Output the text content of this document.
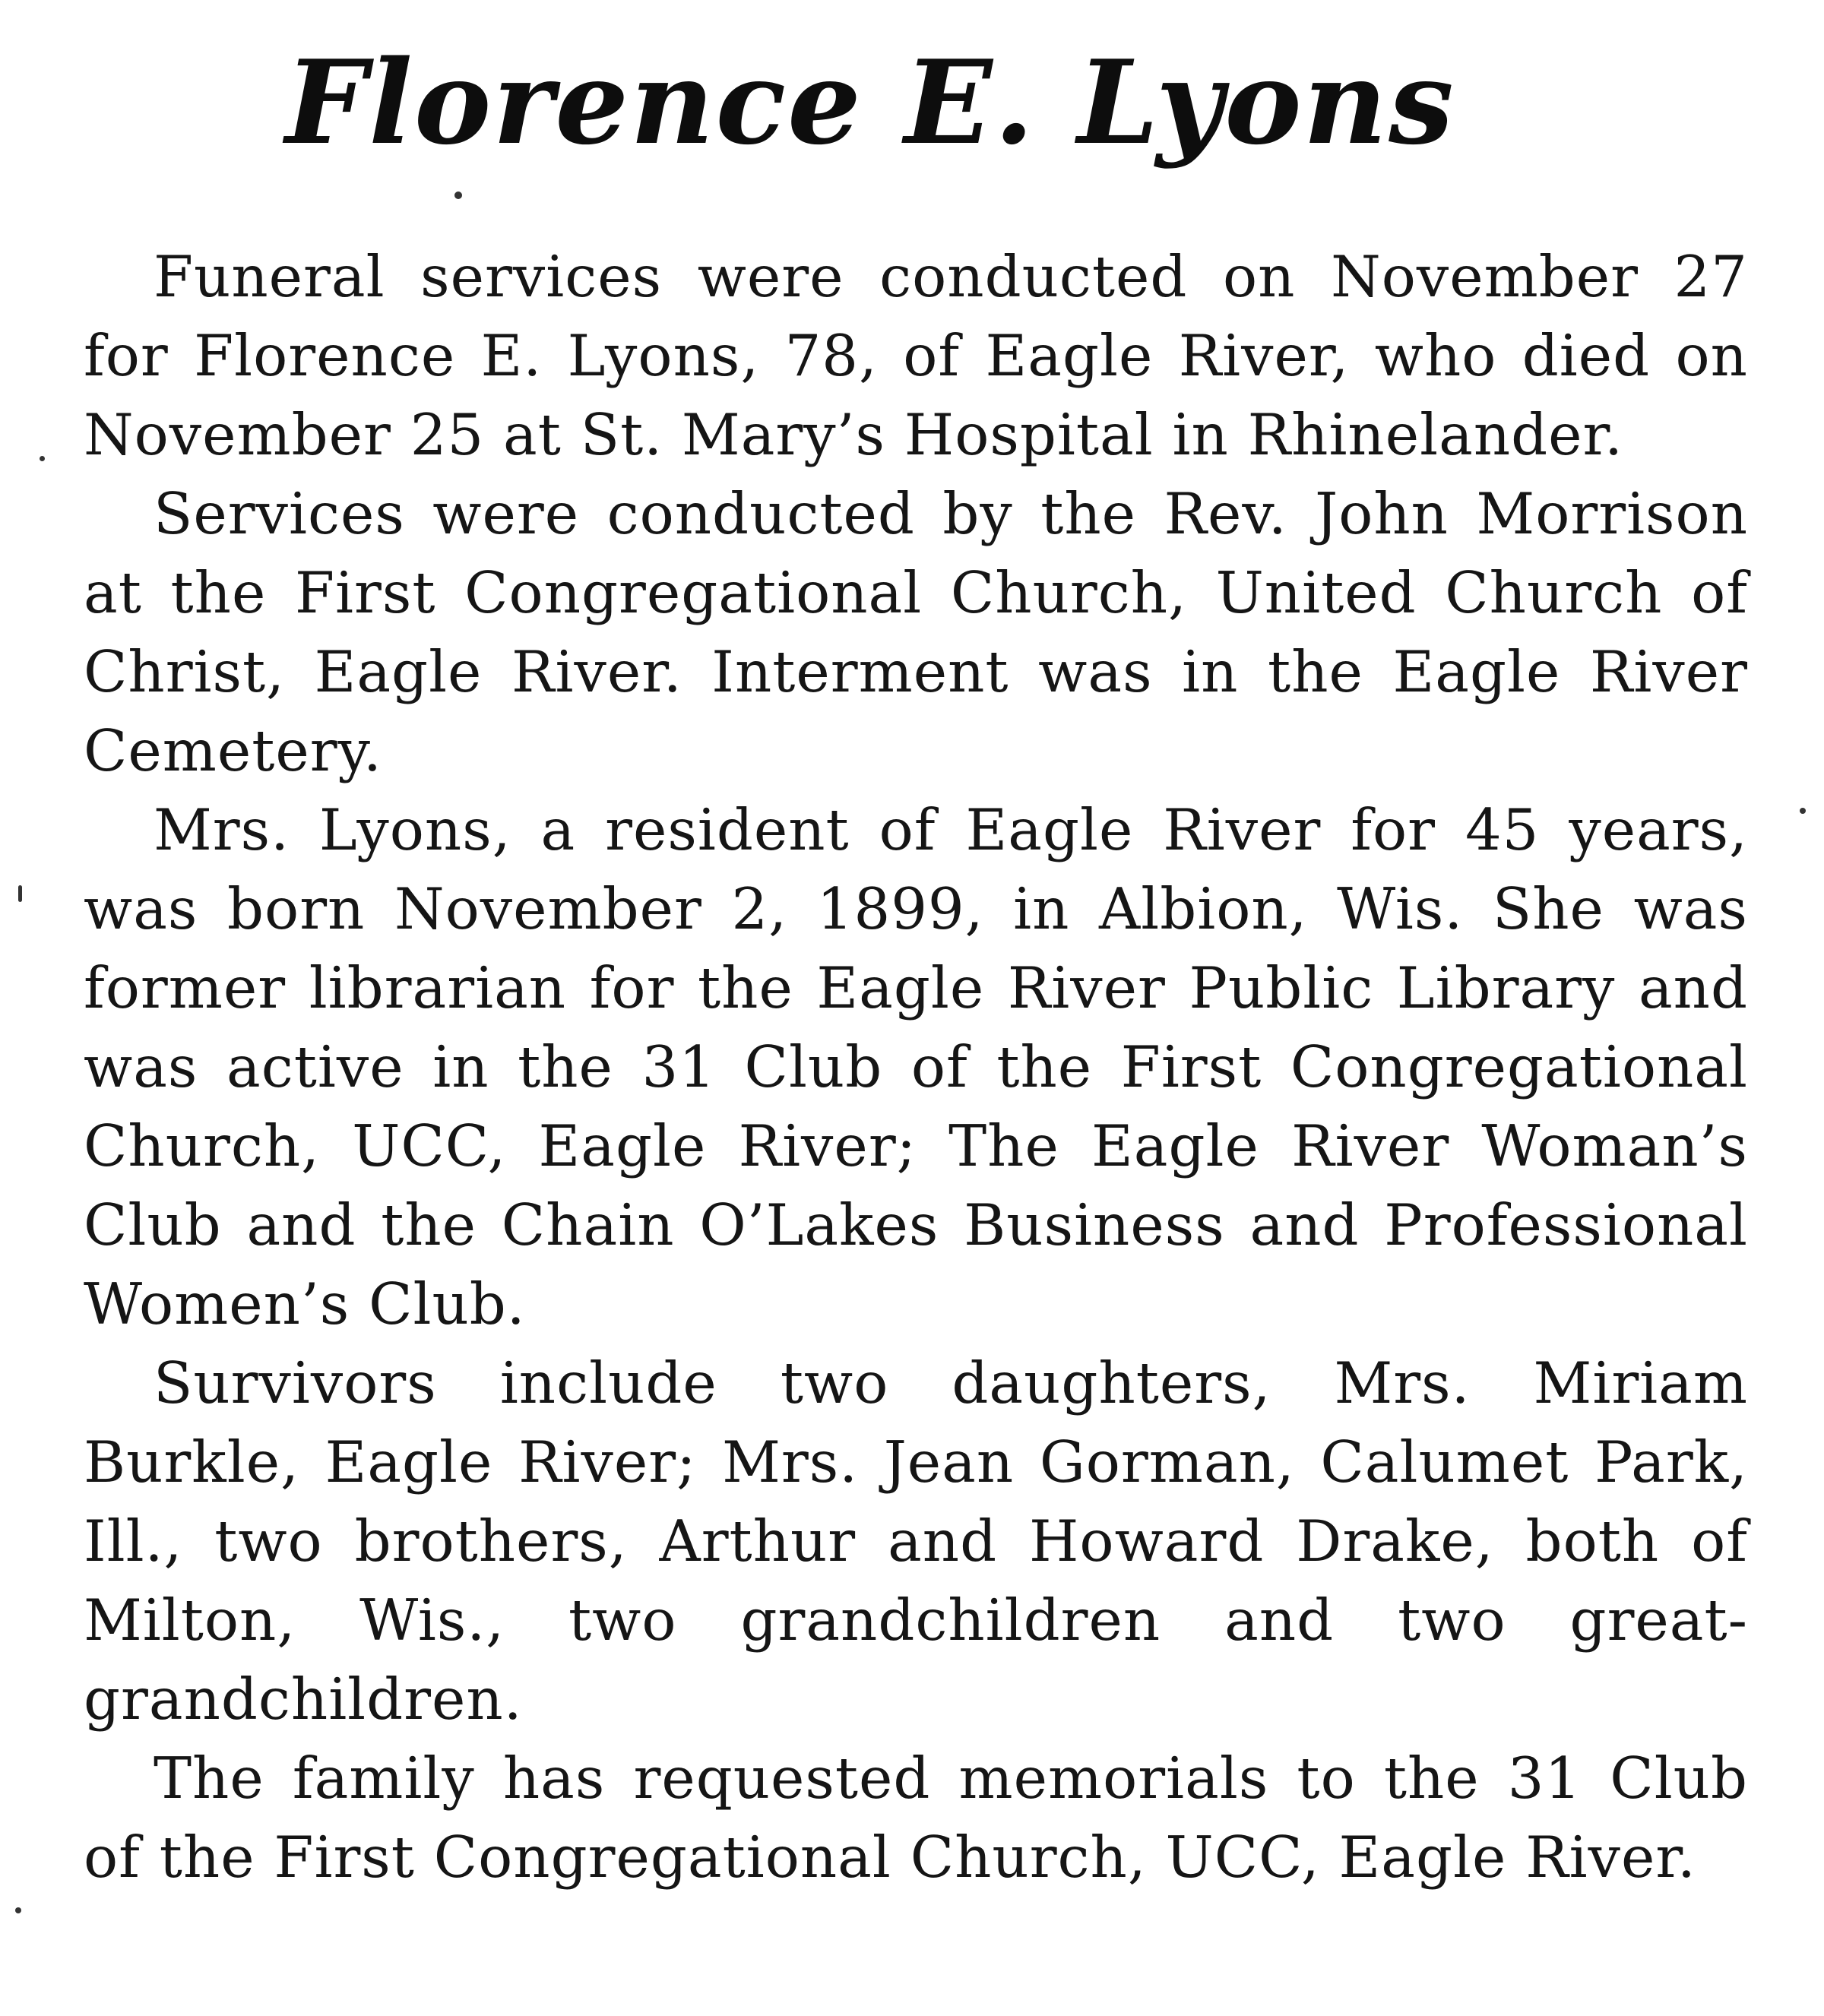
Florence E. Lyons

Funeral services were conducted on November 27 for Florence E. Lyons, 78, of Eagle River, who died on November 25 at St. Mary’s Hospital in Rhinelander.

Services were conducted by the Rev. John Morrison at the First Congregational Church, United Church of Christ, Eagle River. Interment was in the Eagle River Cemetery.

Mrs. Lyons, a resident of Eagle River for 45 years, was born November 2, 1899, in Albion, Wis. She was former librarian for the Eagle River Public Library and was active in the 31 Club of the First Congregational Church, UCC, Eagle River; The Eagle River Woman’s Club and the Chain O’Lakes Business and Professional Women’s Club.

Survivors include two daughters, Mrs. Miriam Burkle, Eagle River; Mrs. Jean Gorman, Calumet Park, Ill., two brothers, Arthur and Howard Drake, both of Milton, Wis., two grandchildren and two great-grandchildren.

The family has requested memorials to the 31 Club of the First Congregational Church, UCC, Eagle River.
